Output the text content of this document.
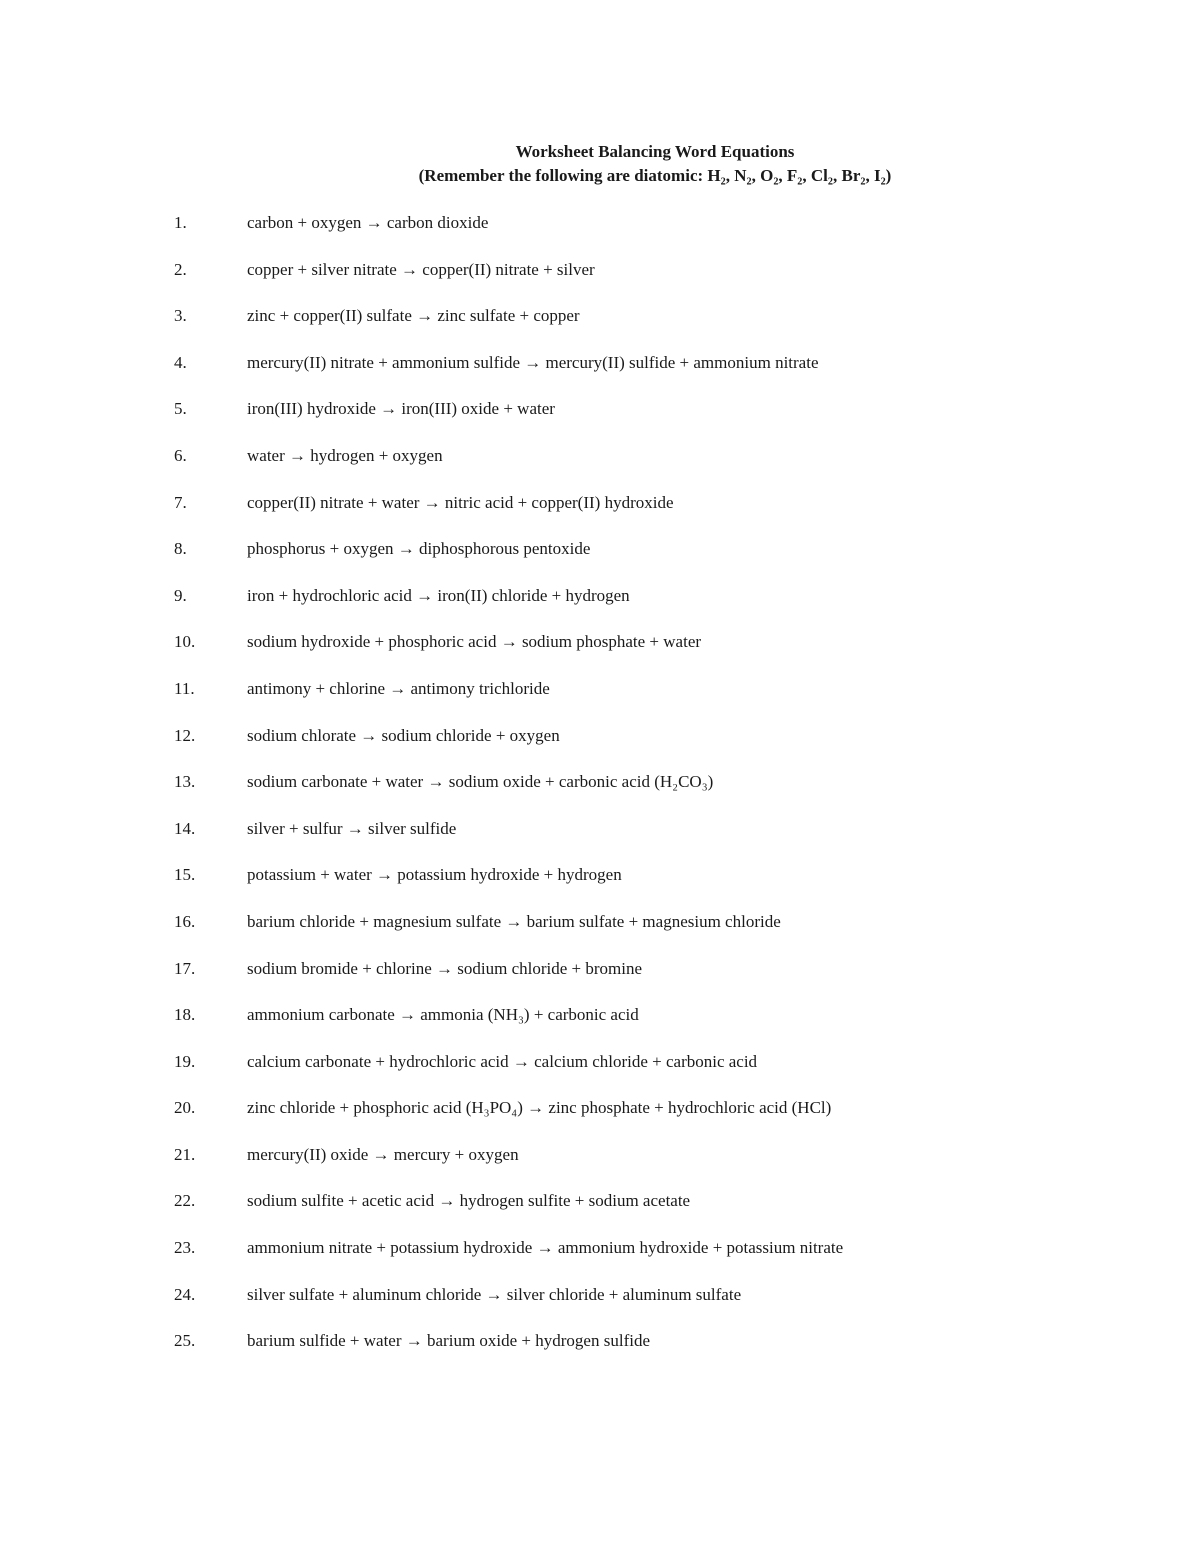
Worksheet Balancing Word Equations
(Remember the following are diatomic: H₂, N₂, O₂, F₂, Cl₂, Br₂, I₂)
1.	carbon + oxygen → carbon dioxide
2.	copper + silver nitrate → copper(II) nitrate + silver
3.	zinc + copper(II) sulfate → zinc sulfate + copper
4.	mercury(II) nitrate + ammonium sulfide → mercury(II) sulfide + ammonium nitrate
5.	iron(III) hydroxide → iron(III) oxide + water
6.	water → hydrogen + oxygen
7.	copper(II) nitrate + water → nitric acid + copper(II) hydroxide
8.	phosphorus + oxygen → diphosphorous pentoxide
9.	iron + hydrochloric acid → iron(II) chloride + hydrogen
10.	sodium hydroxide + phosphoric acid → sodium phosphate + water
11.	antimony + chlorine → antimony trichloride
12.	sodium chlorate → sodium chloride + oxygen
13.	sodium carbonate + water → sodium oxide + carbonic acid (H₂CO₃)
14.	silver + sulfur → silver sulfide
15.	potassium + water → potassium hydroxide + hydrogen
16.	barium chloride + magnesium sulfate → barium sulfate + magnesium chloride
17.	sodium bromide + chlorine → sodium chloride + bromine
18.	ammonium carbonate → ammonia (NH₃) + carbonic acid
19.	calcium carbonate + hydrochloric acid → calcium chloride + carbonic acid
20.	zinc chloride + phosphoric acid (H₃PO₄) → zinc phosphate + hydrochloric acid (HCl)
21.	mercury(II) oxide → mercury + oxygen
22.	sodium sulfite + acetic acid → hydrogen sulfite + sodium acetate
23.	ammonium nitrate + potassium hydroxide → ammonium hydroxide + potassium nitrate
24.	silver sulfate + aluminum chloride → silver chloride + aluminum sulfate
25.	barium sulfide + water → barium oxide + hydrogen sulfide
